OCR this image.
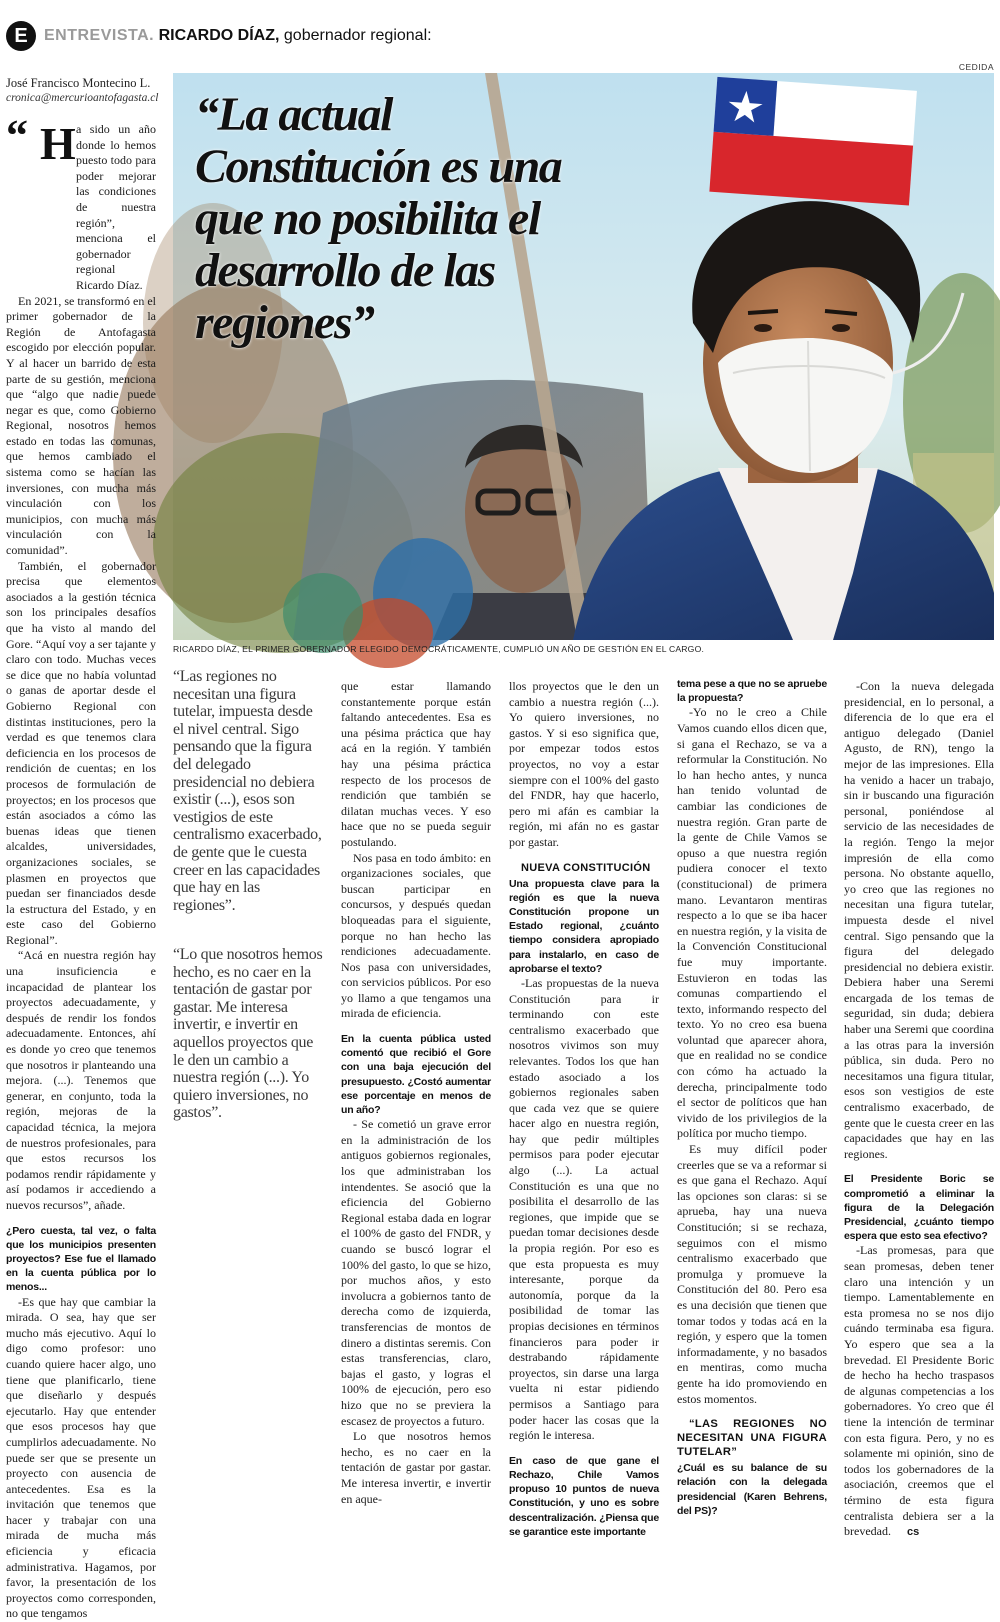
E	ENTREVISTA. RICARDO DÍAZ, gobernador regional:
José Francisco Montecino L.
cronica@mercurioantofagasta.cl
CEDIDA
“La actual Constitución es una que no posibilita el desarrollo de las regiones”
RICARDO DÍAZ, EL PRIMER GOBERNADOR ELEGIDO DEMOCRÁTICAMENTE, CUMPLIÓ UN AÑO DE GESTIÓN EN EL CARGO.
“ H a sido un año donde lo hemos puesto todo para poder mejorar las condiciones de nuestra región”, menciona el gobernador regional Ricardo Díaz.

En 2021, se transformó en el primer gobernador de la Región de Antofagasta escogido por elección popular. Y al hacer un barrido de esta parte de su gestión, menciona que “algo que nadie puede negar es que, como Gobierno Regional, nosotros hemos estado en todas las comunas, que hemos cambiado el sistema como se hacían las inversiones, con mucha más vinculación con los municipios, con mucha más vinculación con la comunidad”.

También, el gobernador precisa que elementos asociados a la gestión técnica son los principales desafíos que ha visto al mando del Gore. “Aquí voy a ser tajante y claro con todo. Muchas veces se dice que no había voluntad o ganas de aportar desde el Gobierno Regional con distintas instituciones, pero la verdad es que tenemos clara deficiencia en los procesos de rendición de cuentas; en los procesos de formulación de proyectos; en los procesos que están asociados a cómo las buenas ideas que tienen alcaldes, universidades, organizaciones sociales, se plasmen en proyectos que puedan ser financiados desde la estructura del Estado, y en este caso del Gobierno Regional”.

“Acá en nuestra región hay una insuficiencia e incapacidad de plantear los proyectos adecuadamente, y después de rendir los fondos adecuadamente. Entonces, ahí es donde yo creo que tenemos que nosotros ir planteando una mejora. (...). Tenemos que generar, en conjunto, toda la región, mejoras de la capacidad técnica, la mejora de nuestros profesionales, para que estos recursos los podamos rendir rápidamente y así podamos ir accediendo a nuevos recursos”, añade.

¿Pero cuesta, tal vez, o falta que los municipios presenten proyectos? Ese fue el llamado en la cuenta pública por lo menos...

-Es que hay que cambiar la mirada. O sea, hay que ser mucho más ejecutivo. Aquí lo digo como profesor: uno cuando quiere hacer algo, uno tiene que planificarlo, tiene que diseñarlo y después ejecutarlo. Hay que entender que esos procesos hay que cumplirlos adecuadamente. No puede ser que se presente un proyecto con ausencia de antecedentes. Esa es la invitación que tenemos que hacer y trabajar con una mirada de mucha más eficiencia y eficacia administrativa. Hagamos, por favor, la presentación de los proyectos como corresponden, no que tengamos

“Las regiones no necesitan una figura tutelar, impuesta desde el nivel central. Sigo pensando que la figura del delegado presidencial no debiera existir (...), esos son vestigios de este centralismo exacerbado, de gente que le cuesta creer en las capacidades que hay en las regiones”.
“Lo que nosotros hemos hecho, es no caer en la tentación de gastar por gastar. Me interesa invertir, e invertir en aquellos proyectos que le den un cambio a nuestra región (...). Yo quiero inversiones, no gastos”.

que estar llamando constantemente porque están faltando antecedentes. Esa es una pésima práctica que hay acá en la región. Y también hay una pésima práctica respecto de los procesos de rendición que también se dilatan muchas veces. Y eso hace que no se pueda seguir postulando.

Nos pasa en todo ámbito: en organizaciones sociales, que buscan participar en concursos, y después quedan bloqueadas para el siguiente, porque no han hecho las rendiciones adecuadamente. Nos pasa con universidades, con servicios públicos. Por eso yo llamo a que tengamos una mirada de eficiencia.

En la cuenta pública usted comentó que recibió el Gore con una baja ejecución del presupuesto. ¿Costó aumentar ese porcentaje en menos de un año?

- Se cometió un grave error en la administración de los antiguos gobiernos regionales, los que administraban los intendentes. Se asoció que la eficiencia del Gobierno Regional estaba dada en lograr el 100% de gasto del FNDR, y cuando se buscó lograr el 100% del gasto, lo que se hizo, por muchos años, y esto involucra a gobiernos tanto de derecha como de izquierda, transferencias de montos de dinero a distintas seremis. Con estas transferencias, claro, bajas el gasto, y logras el 100% de ejecución, pero eso hizo que no se previera la escasez de proyectos a futuro.

Lo que nosotros hemos hecho, es no caer en la tentación de gastar por gastar. Me interesa invertir, e invertir en aque-

llos proyectos que le den un cambio a nuestra región (...). Yo quiero inversiones, no gastos. Y si eso significa que, por empezar todos estos proyectos, no voy a estar siempre con el 100% del gasto del FNDR, hay que hacerlo, pero mi afán es cambiar la región, mi afán no es gastar por gastar.

NUEVA CONSTITUCIÓN

Una propuesta clave para la región es que la nueva Constitución propone un Estado regional, ¿cuánto tiempo considera apropiado para instalarlo, en caso de aprobarse el texto?

-Las propuestas de la nueva Constitución para ir terminando con este centralismo exacerbado que nosotros vivimos son muy relevantes. Todos los que han estado asociado a los gobiernos regionales saben que cada vez que se quiere hacer algo en nuestra región, hay que pedir múltiples permisos para poder ejecutar algo (...). La actual Constitución es una que no posibilita el desarrollo de las regiones, que impide que se puedan tomar decisiones desde la propia región. Por eso es que esta propuesta es muy interesante, porque da autonomía, porque da la posibilidad de tomar las propias decisiones en términos financieros para poder ir destrabando rápidamente proyectos, sin darse una larga vuelta ni estar pidiendo permisos a Santiago para poder hacer las cosas que la región le interesa.

En caso de que gane el Rechazo, Chile Vamos propuso 10 puntos de nueva Constitución, y uno es sobre descentralización. ¿Piensa que se garantice este importante

tema pese a que no se apruebe la propuesta?

-Yo no le creo a Chile Vamos cuando ellos dicen que, si gana el Rechazo, se va a reformular la Constitución. No lo han hecho antes, y nunca han tenido voluntad de cambiar las condiciones de nuestra región. Gran parte de la gente de Chile Vamos se opuso a que nuestra región pudiera conocer el texto (constitucional) de primera mano. Levantaron mentiras respecto a lo que se iba hacer en nuestra región, y la visita de la Convención Constitucional fue muy importante. Estuvieron en todas las comunas compartiendo el texto, informando respecto del texto. Yo no creo esa buena voluntad que aparecer ahora, que en realidad no se condice con cómo ha actuado la derecha, principalmente todo el sector de políticos que han vivido de los privilegios de la política por mucho tiempo.

Es muy difícil poder creerles que se va a reformar si es que gana el Rechazo. Aquí las opciones son claras: si se aprueba, hay una nueva Constitución; si se rechaza, seguimos con el mismo centralismo exacerbado que promulga y promueve la Constitución del 80. Pero esa es una decisión que tienen que tomar todos y todas acá en la región, y espero que la tomen informadamente, y no basados en mentiras, como mucha gente ha ido promoviendo en estos momentos.

“LAS REGIONES NO NECESITAN UNA FIGURA TUTELAR”

¿Cuál es su balance de su relación con la delegada presidencial (Karen Behrens, del PS)?

-Con la nueva delegada presidencial, en lo personal, a diferencia de lo que era el antiguo delegado (Daniel Agusto, de RN), tengo la mejor de las impresiones. Ella ha venido a hacer un trabajo, sin ir buscando una figuración personal, poniéndose al servicio de las necesidades de la región. Tengo la mejor impresión de ella como persona. No obstante aquello, yo creo que las regiones no necesitan una figura tutelar, impuesta desde el nivel central. Sigo pensando que la figura del delegado presidencial no debiera existir. Debiera haber una Seremi encargada de los temas de seguridad, sin duda; debiera haber una Seremi que coordina a las otras para la inversión pública, sin duda. Pero no necesitamos una figura titular, esos son vestigios de este centralismo exacerbado, de gente que le cuesta creer en las capacidades que hay en las regiones.

El Presidente Boric se comprometió a eliminar la figura de la Delegación Presidencial, ¿cuánto tiempo espera que esto sea efectivo?

-Las promesas, para que sean promesas, deben tener claro una intención y un tiempo. Lamentablemente en esta promesa no se nos dijo cuándo terminaba esa figura. Yo espero que sea a la brevedad. El Presidente Boric de hecho ha hecho traspasos de algunas competencias a los gobernadores. Yo creo que él tiene la intención de terminar con esta figura. Pero, y no es solamente mi opinión, sino de todos los gobernadores de la asociación, creemos que el término de esta figura centralista debiera ser a la brevedad. cs
